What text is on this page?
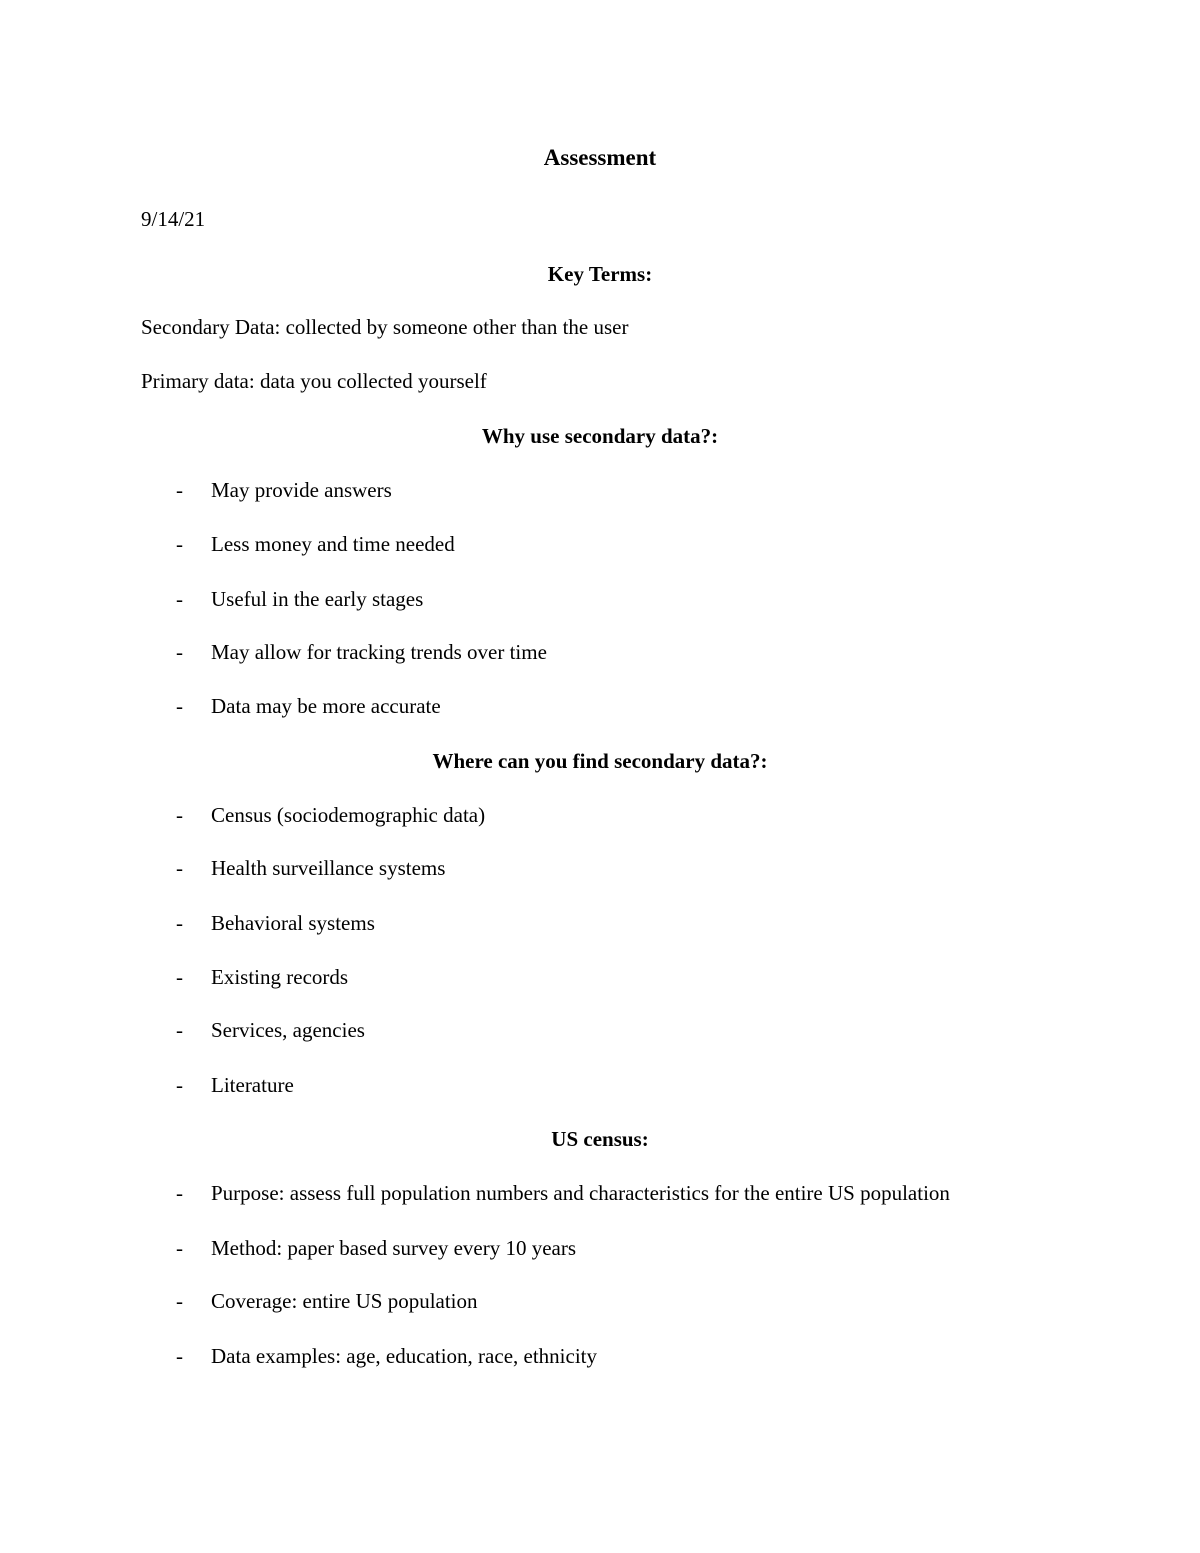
Assessment
9/14/21
Key Terms:
Secondary Data: collected by someone other than the user
Primary data: data you collected yourself
Why use secondary data?:
- May provide answers
- Less money and time needed
- Useful in the early stages
- May allow for tracking trends over time
- Data may be more accurate
Where can you find secondary data?:
- Census (sociodemographic data)
- Health surveillance systems
- Behavioral systems
- Existing records
- Services, agencies
- Literature
US census:
- Purpose: assess full population numbers and characteristics for the entire US population
- Method: paper based survey every 10 years
- Coverage: entire US population
- Data examples: age, education, race, ethnicity
